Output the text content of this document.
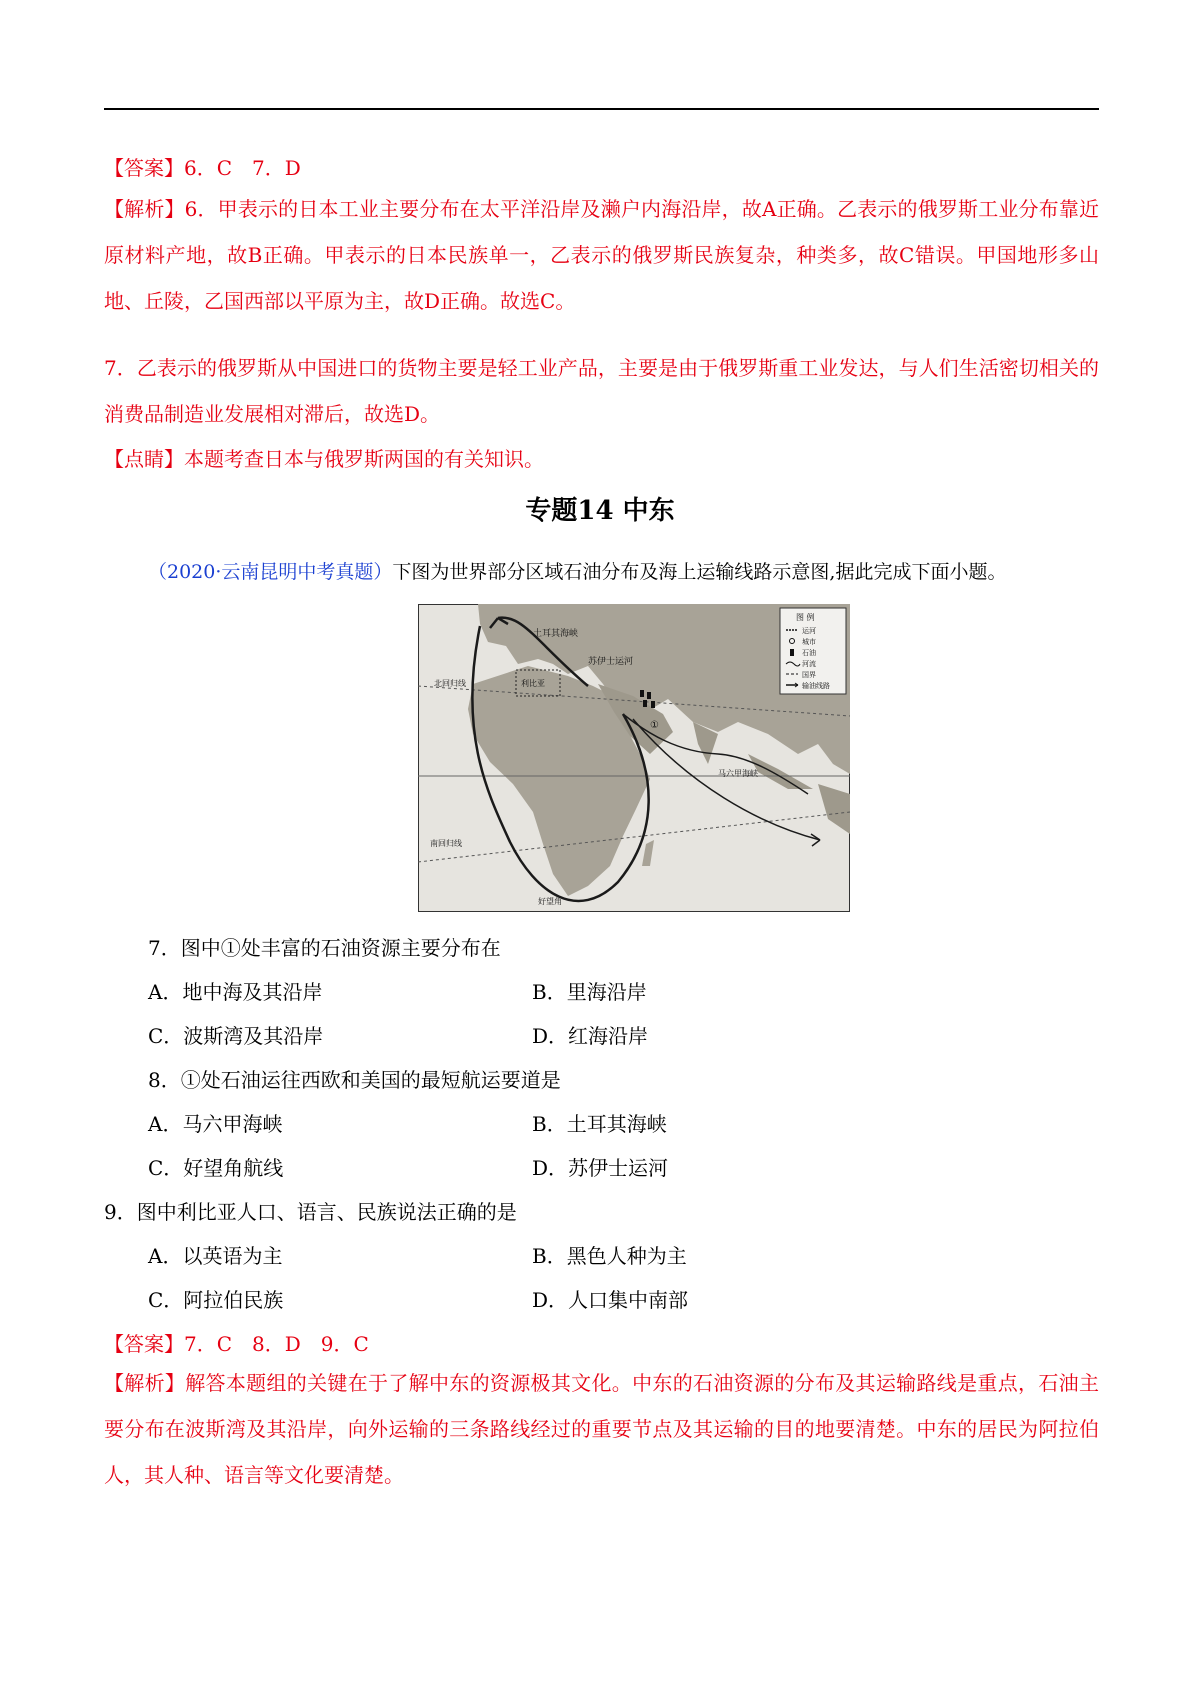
【答案】6．C　7．D
【解析】6．甲表示的日本工业主要分布在太平洋沿岸及濑户内海沿岸，故A正确。乙表示的俄罗斯工业分布靠近原材料产地，故B正确。甲表示的日本民族单一，乙表示的俄罗斯民族复杂，种类多，故C错误。甲国地形多山地、丘陵，乙国西部以平原为主，故D正确。故选C。
7．乙表示的俄罗斯从中国进口的货物主要是轻工业产品，主要是由于俄罗斯重工业发达，与人们生活密切相关的消费品制造业发展相对滞后，故选D。
【点睛】本题考查日本与俄罗斯两国的有关知识。
专题14 中东
（2020·云南昆明中考真题）下图为世界部分区域石油分布及海上运输线路示意图,据此完成下面小题。
土耳其海峡
苏伊士运河
利比亚
北回归线
南回归线
①
马六甲海峡
好望角
图 例
运河
城市
石油
河流
国界
输油线路
7．图中①处丰富的石油资源主要分布在
A．地中海及其沿岸	B．里海沿岸
C．波斯湾及其沿岸	D．红海沿岸
8．①处石油运往西欧和美国的最短航运要道是
A．马六甲海峡	B．土耳其海峡
C．好望角航线	D．苏伊士运河
9．图中利比亚人口、语言、民族说法正确的是
A．以英语为主	B．黑色人种为主
C．阿拉伯民族	D．人口集中南部
【答案】7．C　8．D　9．C
【解析】解答本题组的关键在于了解中东的资源极其文化。中东的石油资源的分布及其运输路线是重点，石油主要分布在波斯湾及其沿岸，向外运输的三条路线经过的重要节点及其运输的目的地要清楚。中东的居民为阿拉伯人，其人种、语言等文化要清楚。
